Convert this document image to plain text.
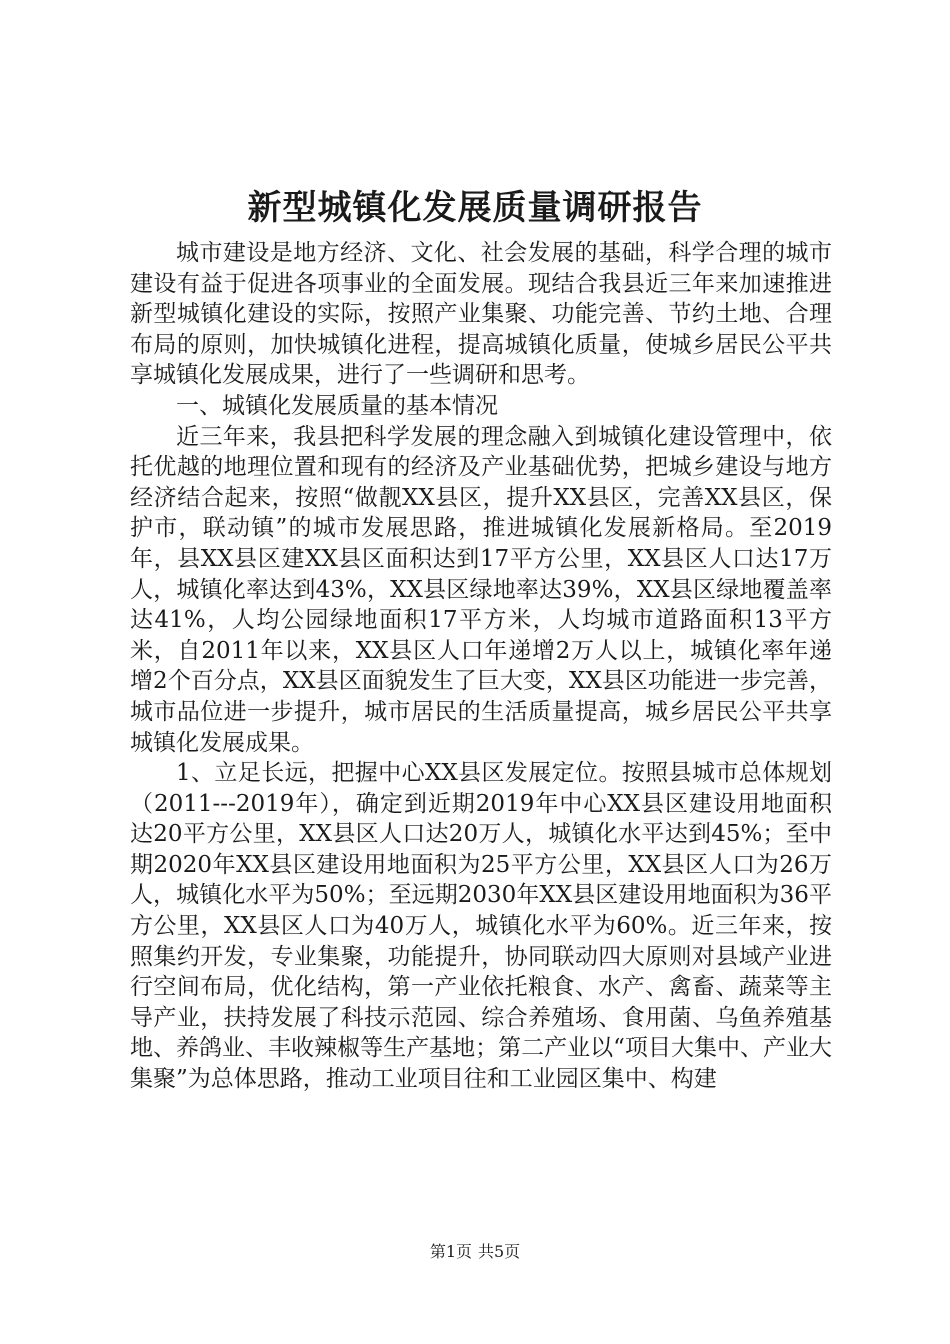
新型城镇化发展质量调研报告

城市建设是地方经济、文化、社会发展的基础，科学合理的城市建设有益于促进各项事业的全面发展。现结合我县近三年来加速推进新型城镇化建设的实际，按照产业集聚、功能完善、节约土地、合理布局的原则，加快城镇化进程，提高城镇化质量，使城乡居民公平共享城镇化发展成果，进行了一些调研和思考。

一、城镇化发展质量的基本情况

近三年来，我县把科学发展的理念融入到城镇化建设管理中，依托优越的地理位置和现有的经济及产业基础优势，把城乡建设与地方经济结合起来，按照“做靓XX县区，提升XX县区，完善XX县区，保护市，联动镇”的城市发展思路，推进城镇化发展新格局。至2019年，县XX县区建XX县区面积达到17平方公里，XX县区人口达17万人，城镇化率达到43%，XX县区绿地率达39%，XX县区绿地覆盖率达41%，人均公园绿地面积17平方米，人均城市道路面积13平方米，自2011年以来，XX县区人口年递增2万人以上，城镇化率年递增2个百分点，XX县区面貌发生了巨大变，XX县区功能进一步完善，城市品位进一步提升，城市居民的生活质量提高，城乡居民公平共享城镇化发展成果。

1、立足长远，把握中心XX县区发展定位。按照县城市总体规划（2011---2019年），确定到近期2019年中心XX县区建设用地面积达20平方公里，XX县区人口达20万人，城镇化水平达到45%；至中期2020年XX县区建设用地面积为25平方公里，XX县区人口为26万人，城镇化水平为50%；至远期2030年XX县区建设用地面积为36平方公里，XX县区人口为40万人，城镇化水平为60%。近三年来，按照集约开发，专业集聚，功能提升，协同联动四大原则对县域产业进行空间布局，优化结构，第一产业依托粮食、水产、禽畜、蔬菜等主导产业，扶持发展了科技示范园、综合养殖场、食用菌、乌鱼养殖基地、养鸽业、丰收辣椒等生产基地；第二产业以“项目大集中、产业大集聚”为总体思路，推动工业项目往和工业园区集中、构建

第1页 共5页
